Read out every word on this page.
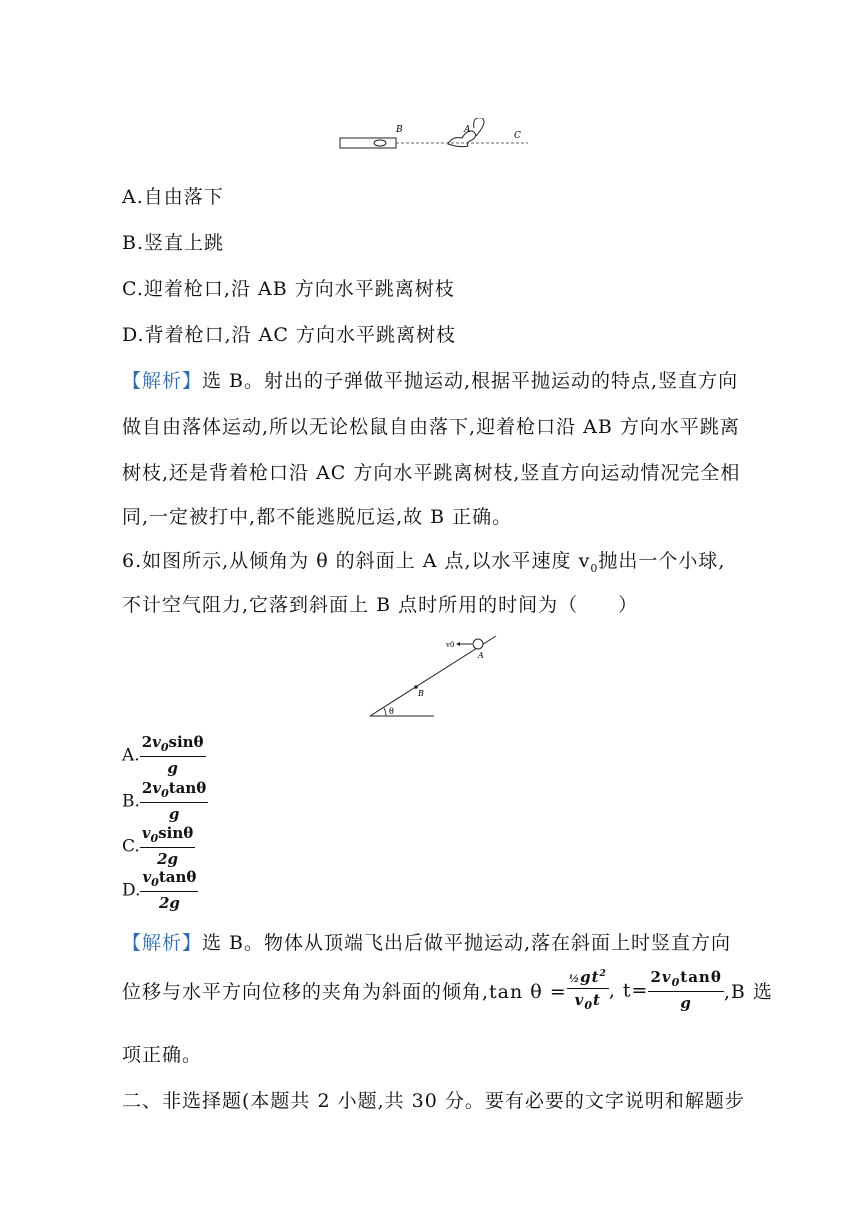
B	A
C
A.自由落下
B.竖直上跳
C.迎着枪口,沿 AB 方向水平跳离树枝
D.背着枪口,沿 AC 方向水平跳离树枝
【解析】选 B。射出的子弹做平抛运动,根据平抛运动的特点,竖直方向
做自由落体运动,所以无论松鼠自由落下,迎着枪口沿 AB 方向水平跳离
树枝,还是背着枪口沿 AC 方向水平跳离树枝,竖直方向运动情况完全相
同,一定被打中,都不能逃脱厄运,故 B 正确。
6.如图所示,从倾角为 θ 的斜面上 A 点,以水平速度 $v_0$抛出一个小球,
不计空气阻力,它落到斜面上 B 点时所用的时间为（　　）
v0
A
B
θ
A. $\frac{2v_0\sin\theta}{g}$
B. $\frac{2v_0\tan\theta}{g}$
C. $\frac{v_0\sin\theta}{2g}$
D. $\frac{v_0\tan\theta}{2g}$
【解析】选 B。物体从顶端飞出后做平抛运动,落在斜面上时竖直方向
位移与水平方向位移的夹角为斜面的倾角,tan $\theta = \frac{\frac{1}{2}gt^2}{v_0t}$ , $t= \frac{2v_0\tan\theta}{g} ,B$ 选
项正确。
二、非选择题(本题共 2 小题,共 30 分。要有必要的文字说明和解题步
